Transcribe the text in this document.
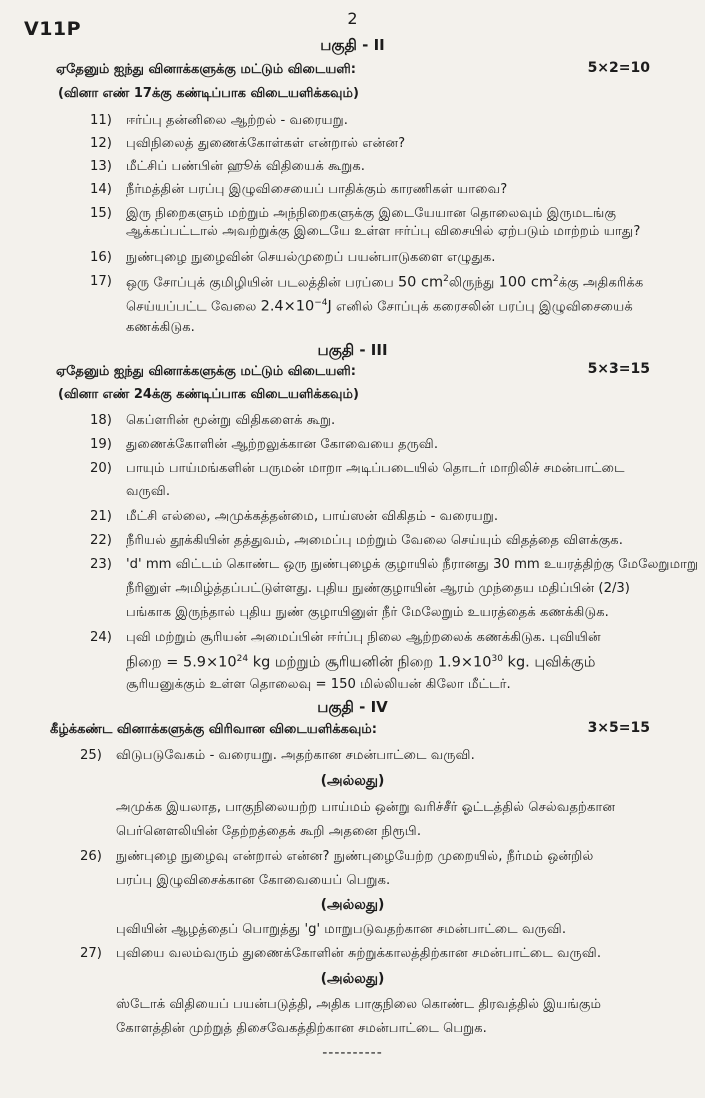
V11P	2
பகுதி - II
ஏதேனும் ஐந்து வினாக்களுக்கு மட்டும் விடையளி:	5×2=10
(வினா எண் 17க்கு கண்டிப்பாக விடையளிக்கவும்)
11) ஈர்ப்பு தன்னிலை ஆற்றல் - வரையறு.
12) புவிநிலைத் துணைக்கோள்கள் என்றால் என்ன?
13) மீட்சிப் பண்பின் ஹூக் விதியைக் கூறுக.
14) நீர்மத்தின் பரப்பு இழுவிசையைப் பாதிக்கும் காரணிகள் யாவை?
15) இரு நிறைகளும் மற்றும் அந்நிறைகளுக்கு இடையேயான தொலைவும் இருமடங்கு
ஆக்கப்பட்டால் அவற்றுக்கு இடையே உள்ள ஈர்ப்பு விசையில் ஏற்படும் மாற்றம் யாது?
16) நுண்புழை நுழைவின் செயல்முறைப் பயன்பாடுகளை எழுதுக.
17) ஒரு சோப்புக் குமிழியின் படலத்தின் பரப்பை 50 $cm^2லிருந்து$ 100 $cm^2க்கு$ அதிகரிக்க
செய்யப்பட்ட வேலை $2.4\times 10^{-4}J$ எனில் சோப்புக் கரைசலின் பரப்பு இழுவிசையைக்
கணக்கிடுக.
பகுதி - III
ஏதேனும் ஐந்து வினாக்களுக்கு மட்டும் விடையளி:	5×3=15
(வினா எண் 24க்கு கண்டிப்பாக விடையளிக்கவும்)
18) கெப்ளரின் மூன்று விதிகளைக் கூறு.
19) துணைக்கோளின் ஆற்றலுக்கான கோவையை தருவி.
20) பாயும் பாய்மங்களின் பருமன் மாறா அடிப்படையில் தொடர் மாறிலிச் சமன்பாட்டை
வருவி.
21) மீட்சி எல்லை, அமுக்கத்தன்மை, பாய்ஸன் விகிதம் - வரையறு.
22) நீரியல் தூக்கியின் தத்துவம், அமைப்பு மற்றும் வேலை செய்யும் விதத்தை விளக்குக.
23) 'd' mm விட்டம் கொண்ட ஒரு நுண்புழைக் குழாயில் நீரானது 30 mm உயரத்திற்கு மேலேறுமாறு
நீரினுள் அமிழ்த்தப்பட்டுள்ளது. புதிய நுண்குழாயின் ஆரம் முந்தைய மதிப்பின் (2/3)
பங்காக இருந்தால் புதிய நுண் குழாயினுள் நீர் மேலேறும் உயரத்தைக் கணக்கிடுக.
24) புவி மற்றும் சூரியன் அமைப்பின் ஈர்ப்பு நிலை ஆற்றலைக் கணக்கிடுக. புவியின்
நிறை = $5.9\times 10^{24}$ kg மற்றும் சூரியனின் நிறை $1.9\times 10^{30}$ kg. புவிக்கும்
சூரியனுக்கும் உள்ள தொலைவு = 150 மில்லியன் கிலோ மீட்டர்.
பகுதி - IV
கீழ்க்கண்ட வினாக்களுக்கு விரிவான விடையளிக்கவும்:	3×5=15
25) விடுபடுவேகம் - வரையறு. அதற்கான சமன்பாட்டை வருவி.
(அல்லது)
அமுக்க இயலாத, பாகுநிலையற்ற பாய்மம் ஒன்று வரிச்சீர் ஓட்டத்தில் செல்வதற்கான
பெர்னௌலியின் தேற்றத்தைக் கூறி அதனை நிரூபி.
26) நுண்புழை நுழைவு என்றால் என்ன? நுண்புழையேற்ற முறையில், நீர்மம் ஒன்றில்
பரப்பு இழுவிசைக்கான கோவையைப் பெறுக.
(அல்லது)
புவியின் ஆழத்தைப் பொறுத்து 'g' மாறுபடுவதற்கான சமன்பாட்டை வருவி.
27) புவியை வலம்வரும் துணைக்கோளின் சுற்றுக்காலத்திற்கான சமன்பாட்டை வருவி.
(அல்லது)
ஸ்டோக் விதியைப் பயன்படுத்தி, அதிக பாகுநிலை கொண்ட திரவத்தில் இயங்கும்
கோளத்தின் முற்றுத் திசைவேகத்திற்கான சமன்பாட்டை பெறுக.
----------
